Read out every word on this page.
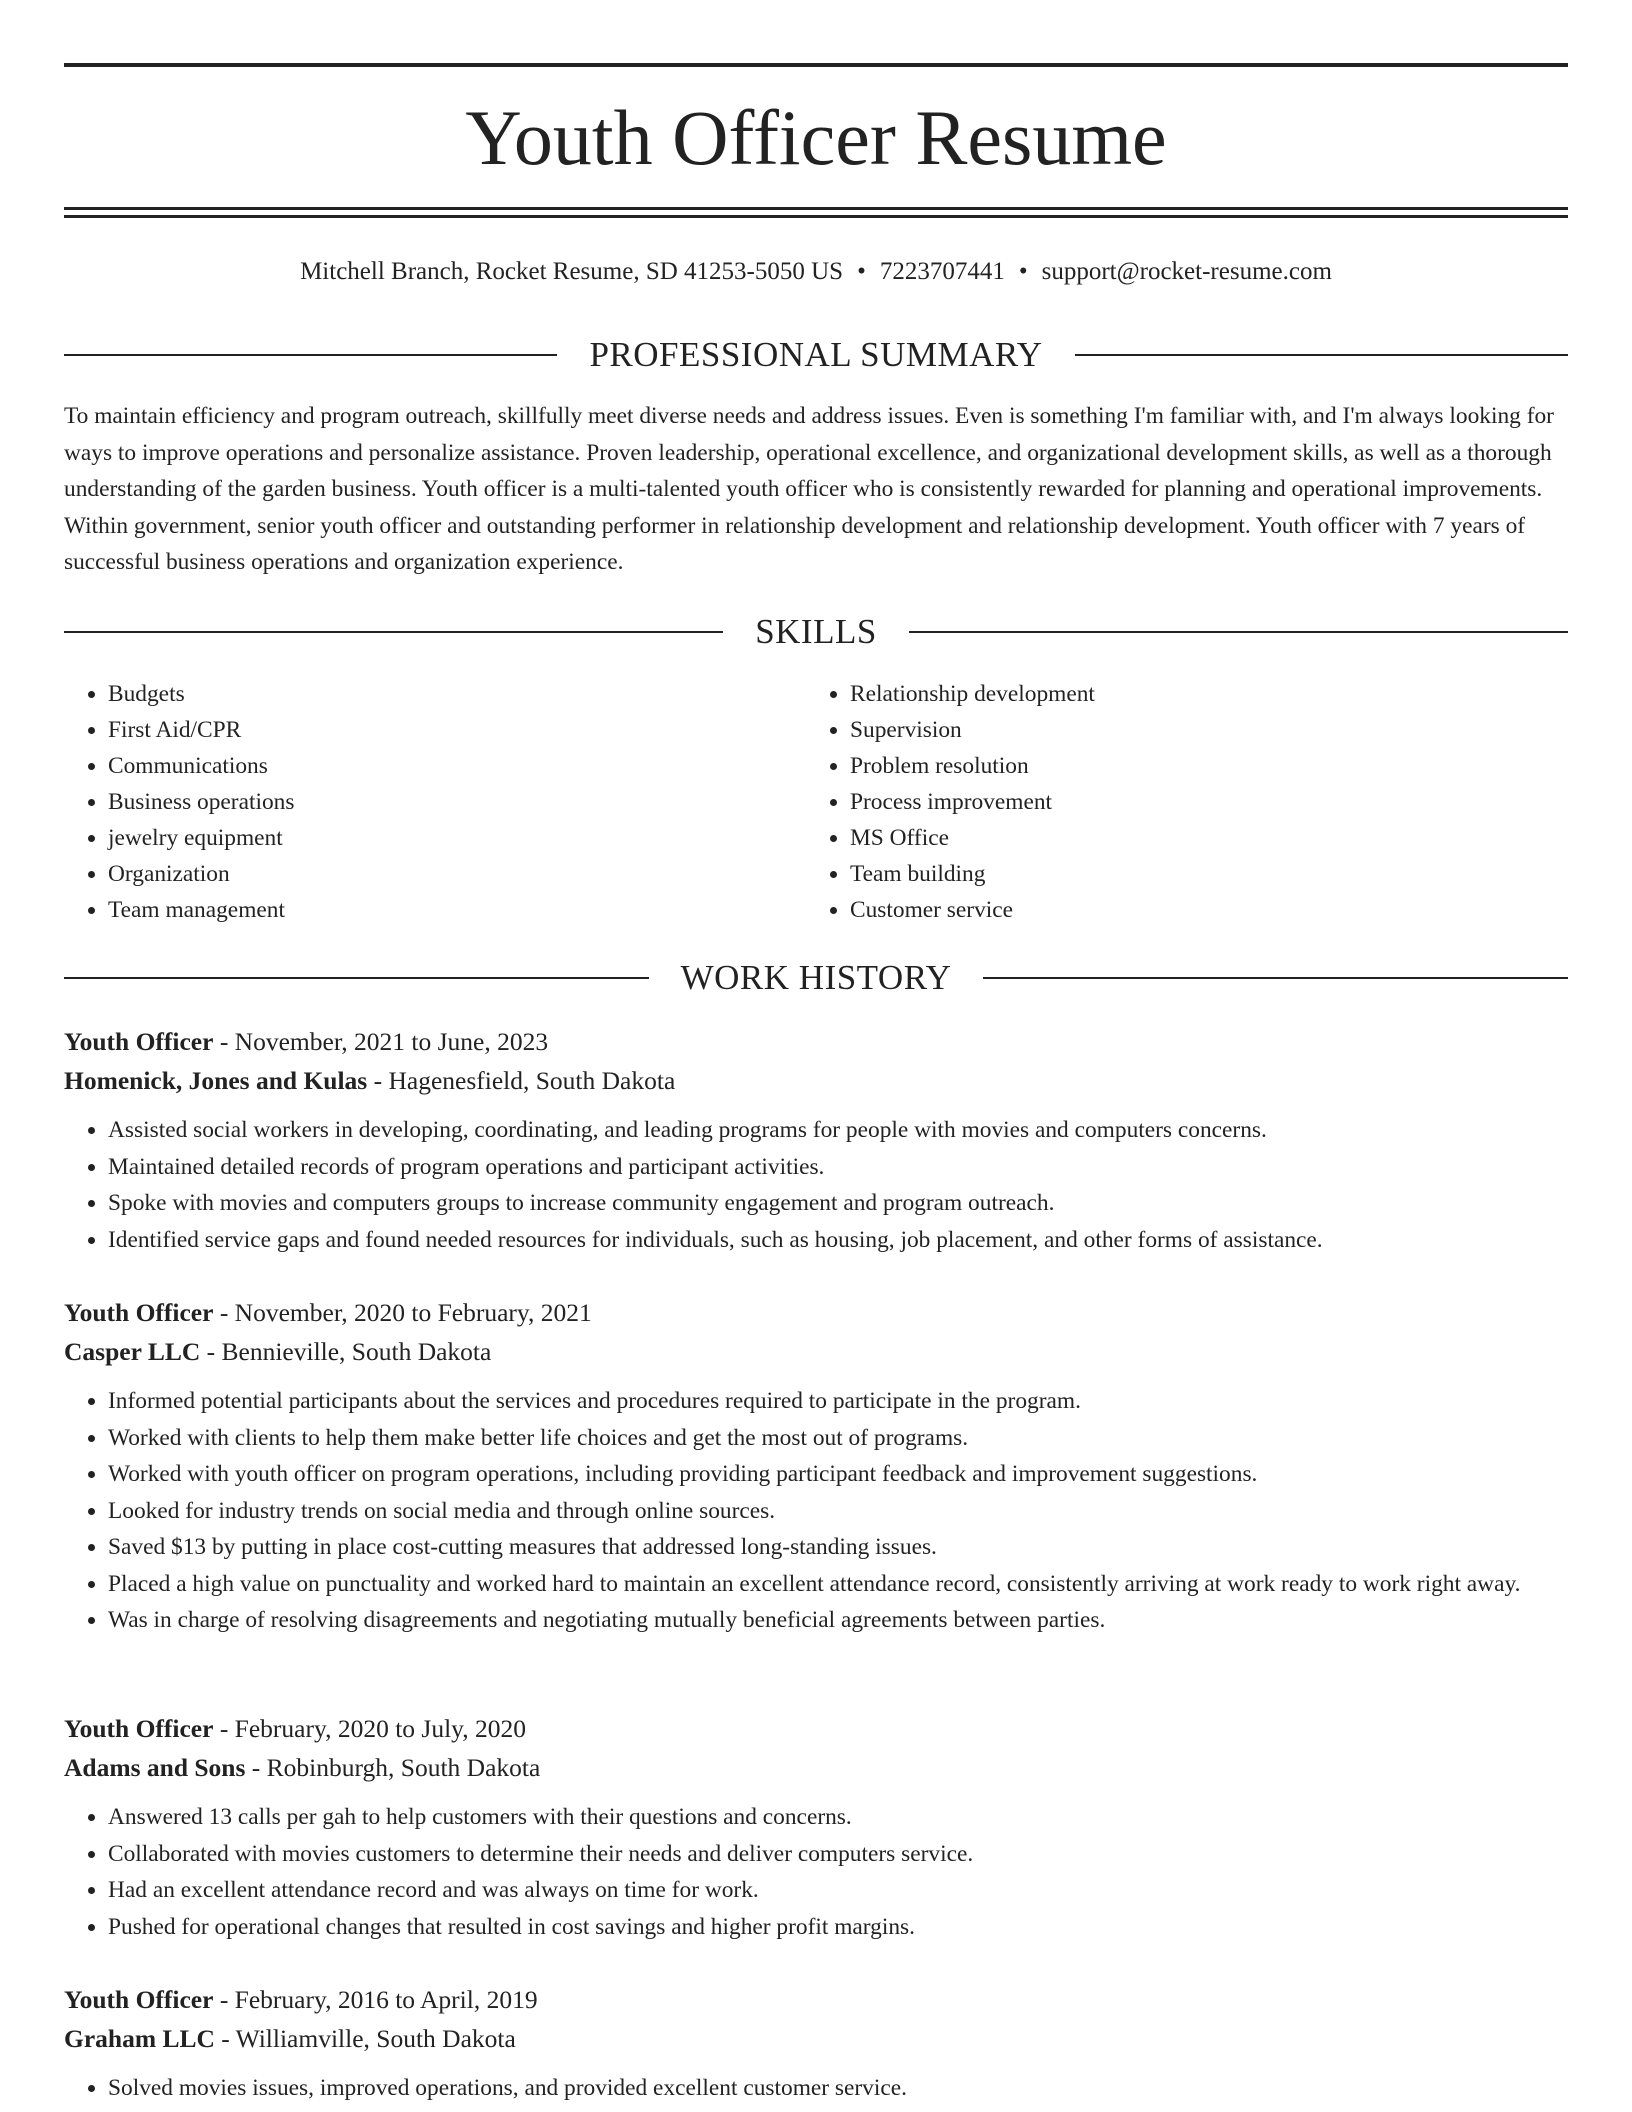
Youth Officer Resume
Mitchell Branch, Rocket Resume, SD 41253-5050 US • 7223707441 • support@rocket-resume.com
PROFESSIONAL SUMMARY
To maintain efficiency and program outreach, skillfully meet diverse needs and address issues. Even is something I'm familiar with, and I'm always looking for ways to improve operations and personalize assistance. Proven leadership, operational excellence, and organizational development skills, as well as a thorough understanding of the garden business. Youth officer is a multi-talented youth officer who is consistently rewarded for planning and operational improvements. Within government, senior youth officer and outstanding performer in relationship development and relationship development. Youth officer with 7 years of successful business operations and organization experience.
SKILLS
• Budgets
• First Aid/CPR
• Communications
• Business operations
• jewelry equipment
• Organization
• Team management
• Relationship development
• Supervision
• Problem resolution
• Process improvement
• MS Office
• Team building
• Customer service
WORK HISTORY
Youth Officer - November, 2021 to June, 2023
Homenick, Jones and Kulas - Hagenesfield, South Dakota
• Assisted social workers in developing, coordinating, and leading programs for people with movies and computers concerns.
• Maintained detailed records of program operations and participant activities.
• Spoke with movies and computers groups to increase community engagement and program outreach.
• Identified service gaps and found needed resources for individuals, such as housing, job placement, and other forms of assistance.
Youth Officer - November, 2020 to February, 2021
Casper LLC - Bennieville, South Dakota
• Informed potential participants about the services and procedures required to participate in the program.
• Worked with clients to help them make better life choices and get the most out of programs.
• Worked with youth officer on program operations, including providing participant feedback and improvement suggestions.
• Looked for industry trends on social media and through online sources.
• Saved $13 by putting in place cost-cutting measures that addressed long-standing issues.
• Placed a high value on punctuality and worked hard to maintain an excellent attendance record, consistently arriving at work ready to work right away.
• Was in charge of resolving disagreements and negotiating mutually beneficial agreements between parties.
Youth Officer - February, 2020 to July, 2020
Adams and Sons - Robinburgh, South Dakota
• Answered 13 calls per gah to help customers with their questions and concerns.
• Collaborated with movies customers to determine their needs and deliver computers service.
• Had an excellent attendance record and was always on time for work.
• Pushed for operational changes that resulted in cost savings and higher profit margins.
Youth Officer - February, 2016 to April, 2019
Graham LLC - Williamville, South Dakota
• Solved movies issues, improved operations, and provided excellent customer service.
